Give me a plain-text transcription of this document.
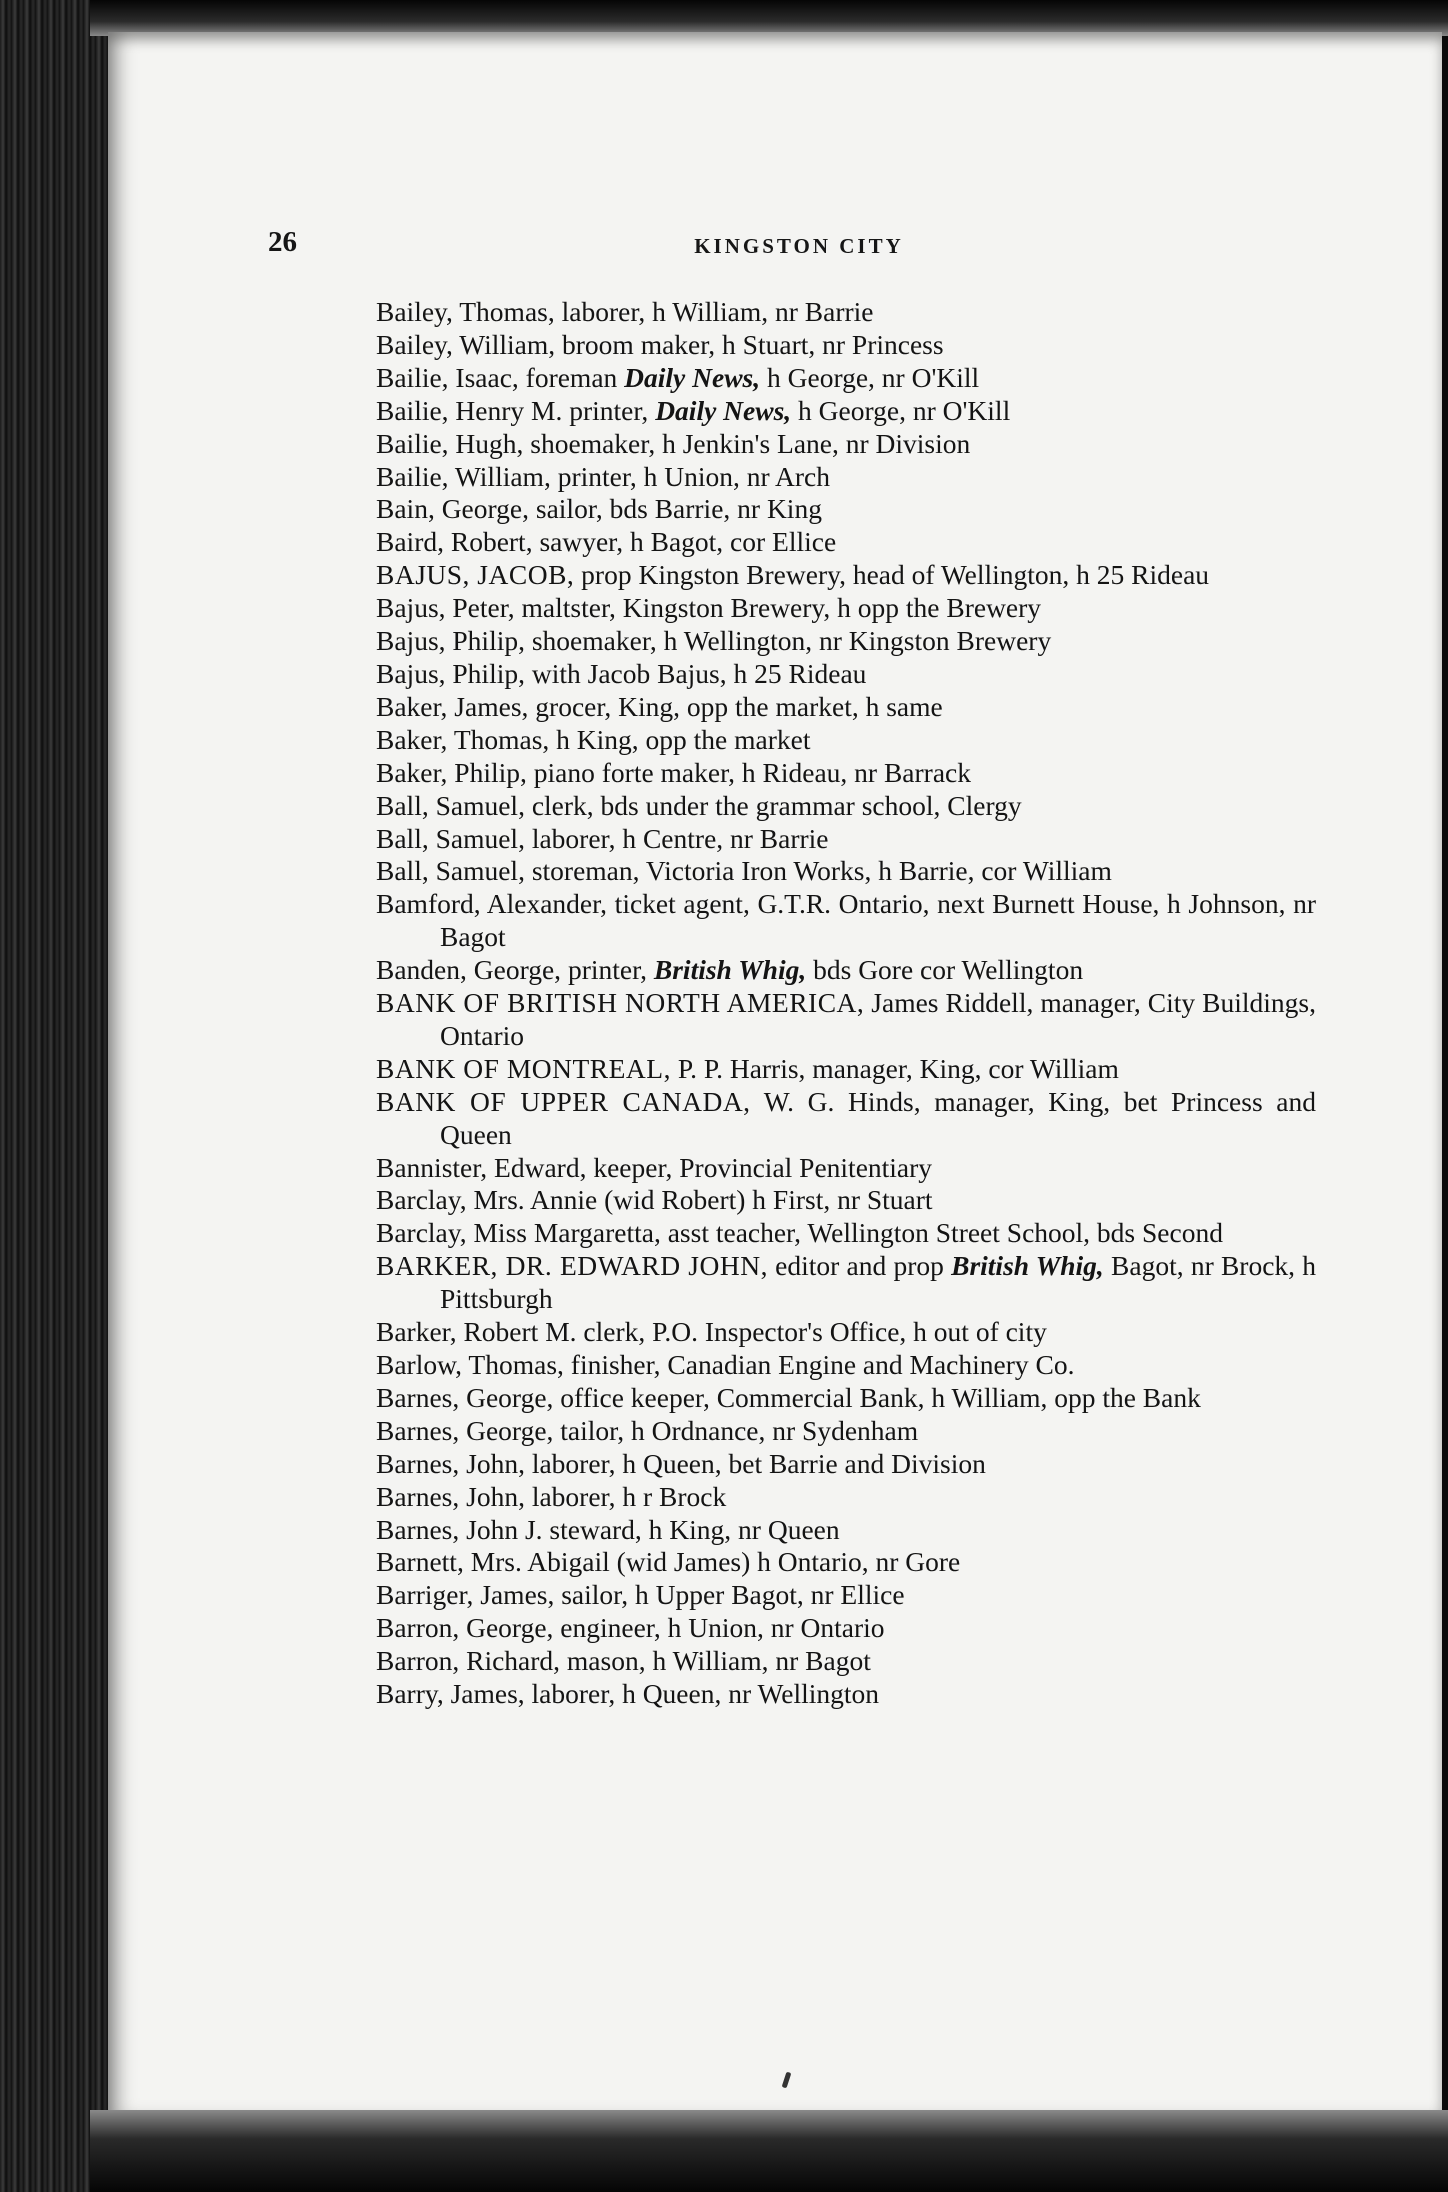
26	KINGSTON CITY
Bailey, Thomas, laborer, h William, nr Barrie
Bailey, William, broom maker, h Stuart, nr Princess
Bailie, Isaac, foreman Daily News, h George, nr O'Kill
Bailie, Henry M. printer, Daily News, h George, nr O'Kill
Bailie, Hugh, shoemaker, h Jenkin's Lane, nr Division
Bailie, William, printer, h Union, nr Arch
Bain, George, sailor, bds Barrie, nr King
Baird, Robert, sawyer, h Bagot, cor Ellice
BAJUS, JACOB, prop Kingston Brewery, head of Wellington, h 25 Rideau
Bajus, Peter, maltster, Kingston Brewery, h opp the Brewery
Bajus, Philip, shoemaker, h Wellington, nr Kingston Brewery
Bajus, Philip, with Jacob Bajus, h 25 Rideau
Baker, James, grocer, King, opp the market, h same
Baker, Thomas, h King, opp the market
Baker, Philip, piano forte maker, h Rideau, nr Barrack
Ball, Samuel, clerk, bds under the grammar school, Clergy
Ball, Samuel, laborer, h Centre, nr Barrie
Ball, Samuel, storeman, Victoria Iron Works, h Barrie, cor William
Bamford, Alexander, ticket agent, G.T.R. Ontario, next Burnett House, h Johnson, nr Bagot
Banden, George, printer, British Whig, bds Gore cor Wellington
BANK OF BRITISH NORTH AMERICA, James Riddell, manager, City Buildings, Ontario
BANK OF MONTREAL, P. P. Harris, manager, King, cor William
BANK OF UPPER CANADA, W. G. Hinds, manager, King, bet Princess and Queen
Bannister, Edward, keeper, Provincial Penitentiary
Barclay, Mrs. Annie (wid Robert) h First, nr Stuart
Barclay, Miss Margaretta, asst teacher, Wellington Street School, bds Second
BARKER, DR. EDWARD JOHN, editor and prop British Whig, Bagot, nr Brock, h Pittsburgh
Barker, Robert M. clerk, P.O. Inspector's Office, h out of city
Barlow, Thomas, finisher, Canadian Engine and Machinery Co.
Barnes, George, office keeper, Commercial Bank, h William, opp the Bank
Barnes, George, tailor, h Ordnance, nr Sydenham
Barnes, John, laborer, h Queen, bet Barrie and Division
Barnes, John, laborer, h r Brock
Barnes, John J. steward, h King, nr Queen
Barnett, Mrs. Abigail (wid James) h Ontario, nr Gore
Barriger, James, sailor, h Upper Bagot, nr Ellice
Barron, George, engineer, h Union, nr Ontario
Barron, Richard, mason, h William, nr Bagot
Barry, James, laborer, h Queen, nr Wellington
